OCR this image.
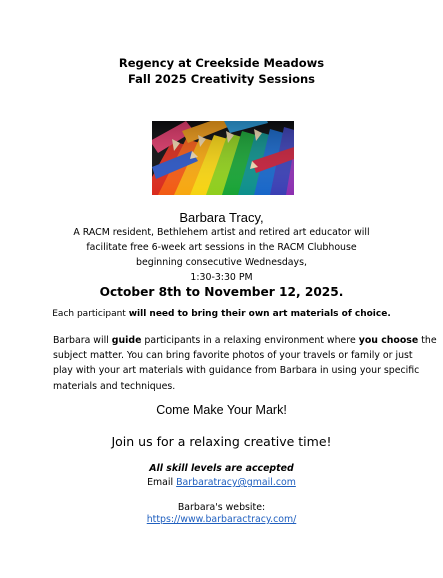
Regency at Creekside Meadows
Fall 2025 Creativity Sessions
Barbara Tracy,
A RACM resident, Bethlehem artist and retired art educator will
facilitate free 6-week art sessions in the RACM Clubhouse
beginning consecutive Wednesdays,
1:30-3:30 PM
October 8th to November 12, 2025.
Each participant will need to bring their own art materials of choice.
Barbara will guide participants in a relaxing environment where you choose the
subject matter. You can bring favorite photos of your travels or family or just
play with your art materials with guidance from Barbara in using your specific
materials and techniques.
Come Make Your Mark!
Join us for a relaxing creative time!
All skill levels are accepted
Email Barbaratracy@gmail.com
Barbara's website:
https://www.barbaractracy.com/
